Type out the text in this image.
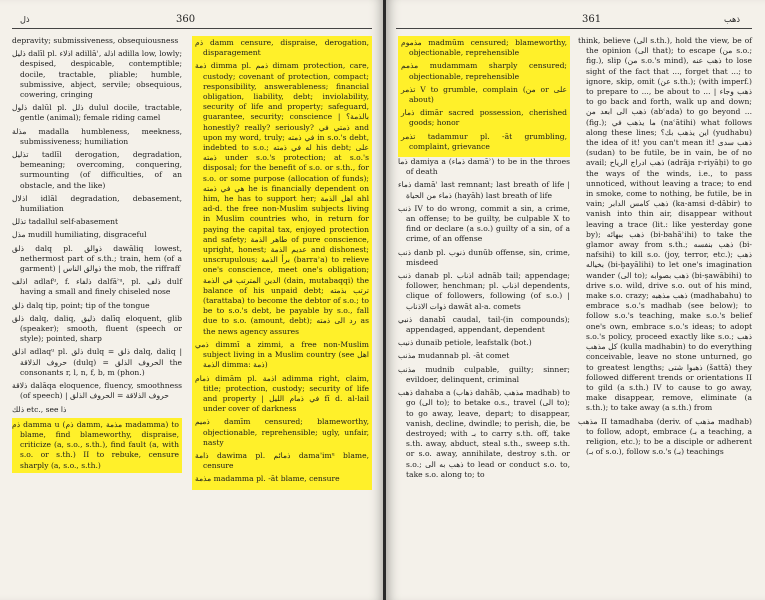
ذل	360

depravity; submissiveness, obsequiousness

ذليل dalīl pl. اذلاء adillāʾ, اذلة adilla low, lowly; despised, despicable, contemptible; docile, tractable, pliable; humble, submissive, abject, servile; obsequious, cowering, cringing

ذلول dalūl pl. ذلل dulul docile, tractable, gentle (animal); female riding camel

مذلة madalla humbleness, meekness, submissiveness; humiliation

تذليل tadlīl derogation, degradation, bemeaning; overcoming, conquering, surmounting (of difficulties, of an obstacle, and the like)

اذلال idlāl degradation, debasement, humiliation

تذلل tadallul self-abasement

مذل mudill humiliating, disgraceful

ذلق dalq pl. ذوالق dawāliq lowest, nethermost part of s.th.; train, hem (of a garment) | ذوالق الناس the mob, the riffraff

اذلف adlafᵘ, f. ذلفاء dalfāʾᵘ, pl. ذلف dulf having a small and finely chiseled nose

ذلق dalq tip, point; tip of the tongue

ذلق dalq, daliq, ذليق dalīq eloquent, glib (speaker); smooth, fluent (speech or style); pointed, sharp

اذلق adlaqᵘ pl. ذلق dulq = ذلق dalq, daliq | حروف الذلاقة (dulq) = الحروف الذلق the consonants r, l, n, f, b, m (phon.)

ذلاقة dalāqa eloquence, fluency, smoothness (of speech) | حروف الذلاقة = الحروف الذلق

ذلك etc., see ذا

ذم damma u (ذم damm, مذمة madamma) to blame, find blameworthy, dispraise, criticize (a, s.o., s.th.), find fault (a, with s.o. or s.th.) II to rebuke, censure sharply (a, s.o., s.th.)

ذم damm censure, dispraise, derogation, disparagement

ذمة dimma pl. ذمم dimam protection, care, custody; covenant of protection, compact; responsibility, answerableness; financial obligation, liability, debt; inviolability, security of life and property; safeguard, guarantee, security; conscience | بالذمة؟ honestly? really? seriously? ذمتي في and upon my word, truly; في ذمته in s.o.'s debt, indebted to s.o.; له في ذمته his debt; على ذمته under s.o.'s protection; at s.o.'s disposal; for the benefit of s.o. or s.th., for s.o. or some purpose (allocation of funds); هي في ذمته he is financially dependent on him, he has to support her; اهل الذمة ahl ad-d. the free non-Muslim subjects living in Muslim countries who, in return for paying the capital tax, enjoyed protection and safety; طاهر الذمة of pure conscience, upright, honest; عديم الذمة and dishonest; unscrupulous; برأ الذمة (barraʾa) to relieve one's conscience, meet one's obligation; الدين المترتب في الذمة (dain, mutabaqqi) the balance of his unpaid debt; ترتب بذمته (tarattaba) to become the debtor of s.o.; to be to s.o.'s debt, be payable by s.o., fall due to s.o. (amount, debt); رد الى ذمته as the news agency assures

ذمي dimmī a zimmi, a free non-Muslim subject living in a Muslim country (see اهل الذمة dimma: ذمة)

ذمام dimām pl. اذمة adimma right, claim, title; protection, custody; security of life and property | في ذمام الليل fī d. al-lail under cover of darkness

ذميم damīm censured; blameworthy, objectionable, reprehensible; ugly, unfair, nasty

ذامة dawima pl. ذمائم dama'imᵘ blame, censure

مذمة madamma pl. -āt blame, censure

361	ذهب

مذموم madmūm censured; blameworthy, objectionable, reprehensible

مذمم mudammam sharply censured; objectionable, reprehensible

تذمر V to grumble, complain (من or على about)

ذمار dimār sacred possession, cherished goods; honor

تذمر tadammur pl. -āt grumbling, complaint, grievance

ذما damiya a (ذماء damāʾ) to be in the throes of death

ذماء damāʾ last remnant; last breath of life | ذماء من الحياة (hayāh) last breath of life

ذنب IV to do wrong, commit a sin, a crime, an offense; to be guilty, be culpable X to find or declare (a s.o.) guilty of a sin, of a crime, of an offense

ذنب danb pl. ذنوب dunūb offense, sin, crime, misdeed

ذنب danab pl. اذناب adnāb tail; appendage; follower, henchman; pl. اذناب dependents, clique of followers, following (of s.o.) | ذوات الاذناب dawāt al-a. comets

ذنبي danabī caudal, tail-(in compounds); appendaged, appendant, dependent

ذنيب dunaib petiole, leafstalk (bot.)

مذنب mudannab pl. -āt comet

مذنب mudnib culpable, guilty; sinner; evildoer, delinquent, criminal

ذهب dahaba a (ذهاب dahāb, مذهب madhab) to go (الى to); to betake o.s., travel (الى to); to go away, leave, depart; to disappear, vanish, decline, dwindle; to perish, die, be destroyed; with بـ to carry s.th. off, take s.th. away, abduct, steal s.th., sweep s.th. or s.o. away, annihilate, destroy s.th. or s.o.; ذهب به الى to lead or conduct s.o. to, take s.o. along to; to

think, believe (الى s.th.), hold the view, be of the opinion (الى that); to escape (من s.o.; fig.), slip (من s.o.'s mind), ذهب عنه to lose sight of the fact that ..., forget that ...; to ignore, skip, omit (عن s.th.); (with imperf.) to prepare to ..., be about to ... | ذهب وجاء to go back and forth, walk up and down; ذهب الى ابعد من (abʿada) to go beyond ... (fig.); ما يذهب في (naʿātihi) what follows along these lines; اين يذهب بك؟ (yudhabu) the idea of it! you can't mean it! ذهب سدى (sudan) to be futile, be in vain, be of no avail; ذهب ادراج الرياح (adrāja r-riyāḥi) to go the ways of the winds, i.e., to pass unnoticed, without leaving a trace; to end in smoke, come to nothing, be futile, be in vain; ذهب كامس الدابر (ka-amsi d-dābir) to vanish into thin air, disappear without leaving a trace (lit.: like yesterday gone by); ذهب ببهائه (bi-bahāʾihi) to take the glamor away from s.th.; ذهب بنفسه (bi-nafsihi) to kill s.o. (joy, terror, etc.); ذهب بخياله (bi-ḫayālihi) to let one's imagination wander (الى to); ذهب بصوابه (bi-ṣawābihi) to drive s.o. wild, drive s.o. out of his mind, make s.o. crazy; ذهب مذهبه (madhabahu) to embrace s.o.'s madhab (see below); to follow s.o.'s teaching, make s.o.'s belief one's own, embrace s.o.'s ideas; to adopt s.o.'s policy, proceed exactly like s.o.; ذهب كل مذهب (kulla madhabin) to do everything conceivable, leave no stone unturned, go to greatest lengths; ذهبوا شتى (šattā) they followed different trends or orientations II to gild (a s.th.) IV to cause to go away, make disappear, remove, eliminate (a s.th.); to take away (a s.th.) from

مذهب II tamadhaba (deriv. of مذهب madhab) to follow, adopt, embrace (بـ a teaching, a religion, etc.); to be a disciple or adherent (بـ of s.o.), follow s.o.'s (بـ) teachings
